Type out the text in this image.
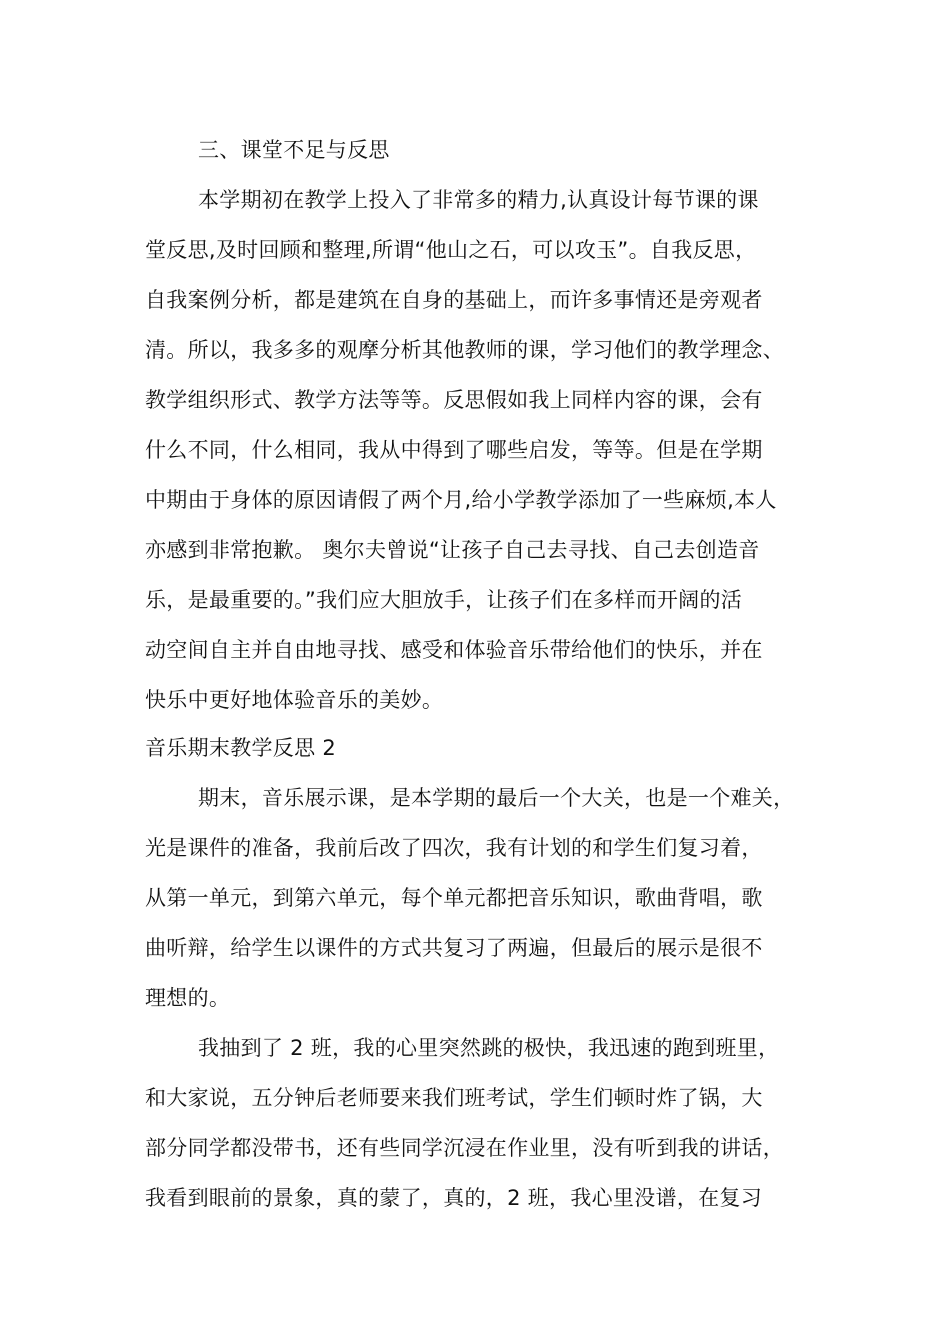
三、课堂不足与反思
本学期初在教学上投入了非常多的精力,认真设计每节课的课
堂反思,及时回顾和整理,所谓“他山之石，可以攻玉”。自我反思，
自我案例分析，都是建筑在自身的基础上，而许多事情还是旁观者
清。所以，我多多的观摩分析其他教师的课，学习他们的教学理念、
教学组织形式、教学方法等等。反思假如我上同样内容的课，会有
什么不同，什么相同，我从中得到了哪些启发，等等。但是在学期
中期由于身体的原因请假了两个月,给小学教学添加了一些麻烦,本人
亦感到非常抱歉。 奥尔夫曾说“让孩子自己去寻找、自己去创造音
乐，是最重要的。”我们应大胆放手，让孩子们在多样而开阔的活
动空间自主并自由地寻找、感受和体验音乐带给他们的快乐，并在
快乐中更好地体验音乐的美妙。
音乐期末教学反思 2
期末，音乐展示课，是本学期的最后一个大关，也是一个难关，
光是课件的准备，我前后改了四次，我有计划的和学生们复习着，
从第一单元，到第六单元，每个单元都把音乐知识，歌曲背唱，歌
曲听辩，给学生以课件的方式共复习了两遍，但最后的展示是很不
理想的。
我抽到了 2 班，我的心里突然跳的极快，我迅速的跑到班里，
和大家说，五分钟后老师要来我们班考试，学生们顿时炸了锅，大
部分同学都没带书，还有些同学沉浸在作业里，没有听到我的讲话，
我看到眼前的景象，真的蒙了，真的，2 班，我心里没谱，在复习
